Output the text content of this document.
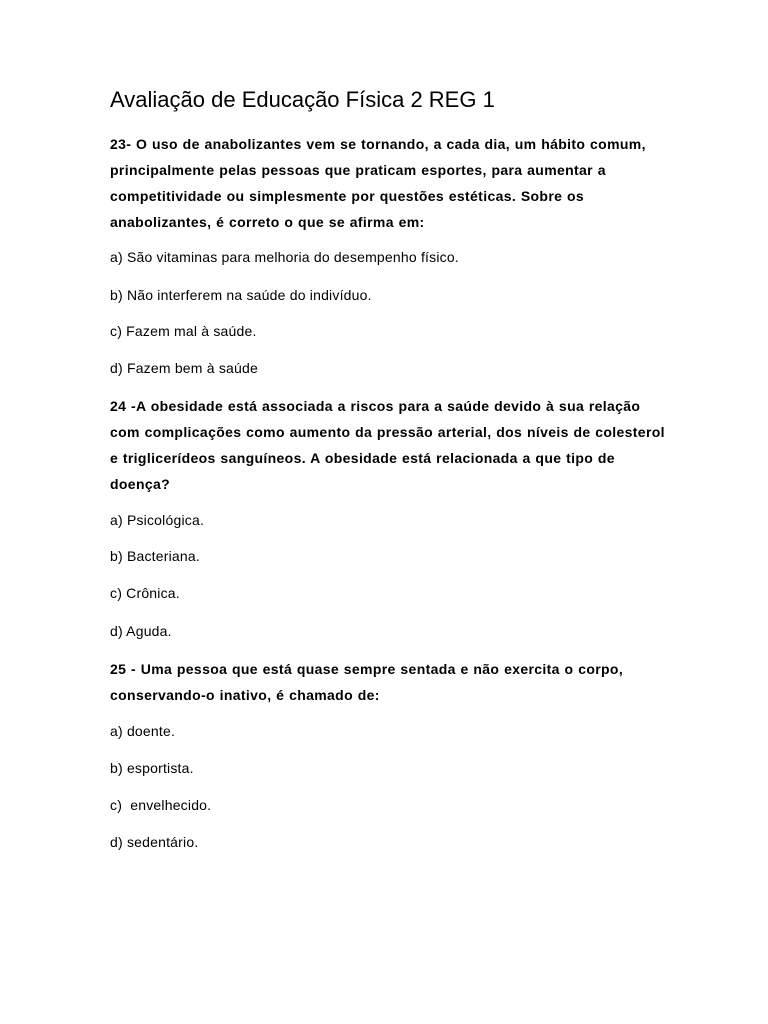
Avaliação de Educação Física 2 REG 1
23- O uso de anabolizantes vem se tornando, a cada dia, um hábito comum, principalmente pelas pessoas que praticam esportes, para aumentar a competitividade ou simplesmente por questões estéticas. Sobre os anabolizantes, é correto o que se afirma em:
a) São vitaminas para melhoria do desempenho físico.
b) Não interferem na saúde do indivíduo.
c) Fazem mal à saúde.
d) Fazem bem à saúde
24 -A obesidade está associada a riscos para a saúde devido à sua relação com complicações como aumento da pressão arterial, dos níveis de colesterol e triglicerídeos sanguíneos. A obesidade está relacionada a que tipo de doença?
a) Psicológica.
b) Bacteriana.
c) Crônica.
d) Aguda.
25 - Uma pessoa que está quase sempre sentada e não exercita o corpo, conservando-o inativo, é chamado de:
a) doente.
b) esportista.
c)  envelhecido.
d) sedentário.
